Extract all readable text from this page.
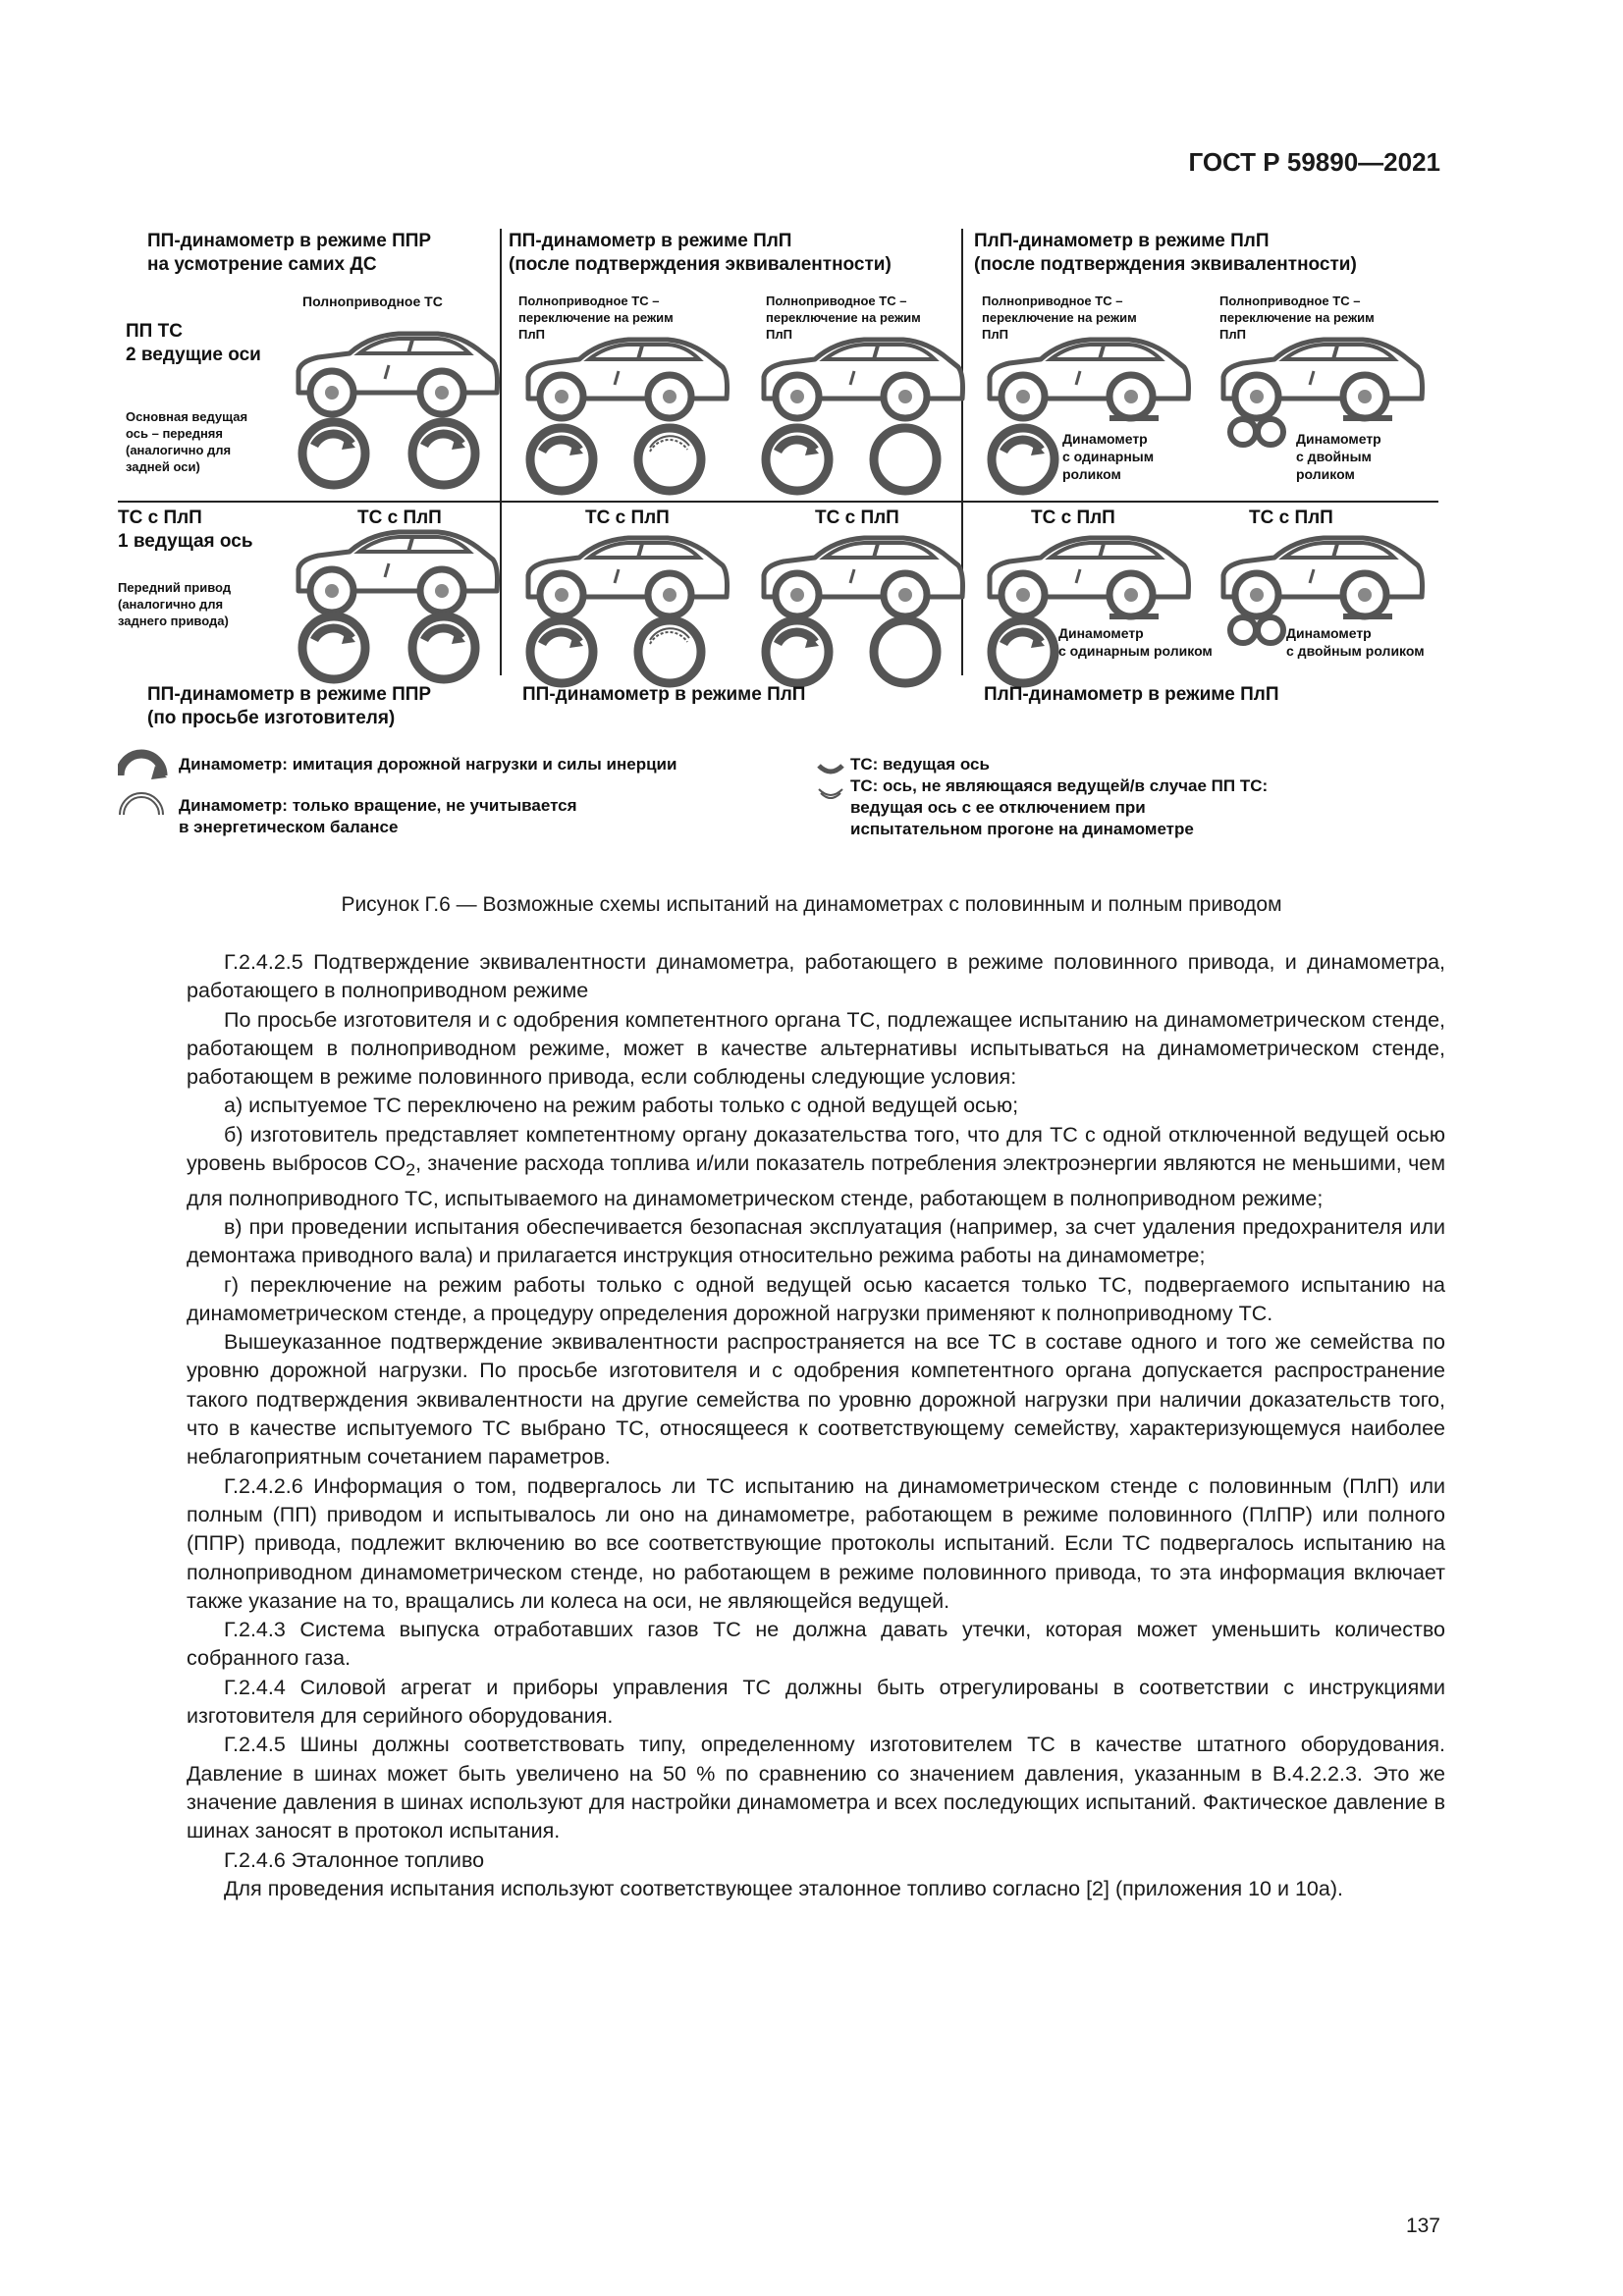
ГОСТ Р 59890—2021
ПП-динамометр в режиме ППР
на усмотрение самих ДС
ПП-динамометр в режиме ПлП
(после подтверждения эквивалентности)
ПлП-динамометр в режиме ПлП
(после подтверждения эквивалентности)
Полноприводное ТС
ПП ТС
2 ведущие оси
Основная ведущая
ось – передняя
(аналогично для
задней оси)
Полноприводное ТС –
переключение на режим
ПлП
Полноприводное ТС –
переключение на режим
ПлП
Полноприводное ТС –
переключение на режим
ПлП
Полноприводное ТС –
переключение на режим
ПлП
Динамометр
с одинарным
роликом
Динамометр
с двойным
роликом
ТС с ПлП
1 ведущая ось
ТС с ПлП	ТС с ПлП	ТС с ПлП	ТС с ПлП	ТС с ПлП
Передний привод
(аналогично для
заднего привода)
Динамометр
с одинарным роликом
Динамометр
с двойным роликом
ПП-динамометр в режиме ППР
(по просьбе изготовителя)
ПП-динамометр в режиме ПлП	ПлП-динамометр в режиме ПлП
Динамометр: имитация дорожной нагрузки и силы инерции
Динамометр: только вращение, не учитывается
в энергетическом балансе
ТС: ведущая ось
ТС: ось, не являющаяся ведущей/в случае ПП ТС:
ведущая ось с ее отключением при
испытательном прогоне на динамометре
Рисунок Г.6 — Возможные схемы испытаний на динамометрах с половинным и полным приводом

Г.2.4.2.5 Подтверждение эквивалентности динамометра, работающего в режиме половинного привода, и динамометра, работающего в полноприводном режиме

По просьбе изготовителя и с одобрения компетентного органа ТС, подлежащее испытанию на динамометрическом стенде, работающем в полноприводном режиме, может в качестве альтернативы испытываться на динамометрическом стенде, работающем в режиме половинного привода, если соблюдены следующие условия:

а) испытуемое ТС переключено на режим работы только с одной ведущей осью;

б) изготовитель представляет компетентному органу доказательства того, что для ТС с одной отключенной ведущей осью уровень выбросов $CO_2$, значение расхода топлива и/или показатель потребления электроэнергии являются не меньшими, чем для полноприводного ТС, испытываемого на динамометрическом стенде, работающем в полноприводном режиме;

в) при проведении испытания обеспечивается безопасная эксплуатация (например, за счет удаления предохранителя или демонтажа приводного вала) и прилагается инструкция относительно режима работы на динамометре;

г) переключение на режим работы только с одной ведущей осью касается только ТС, подвергаемого испытанию на динамометрическом стенде, а процедуру определения дорожной нагрузки применяют к полноприводному ТС.

Вышеуказанное подтверждение эквивалентности распространяется на все ТС в составе одного и того же семейства по уровню дорожной нагрузки. По просьбе изготовителя и с одобрения компетентного органа допускается распространение такого подтверждения эквивалентности на другие семейства по уровню дорожной нагрузки при наличии доказательств того, что в качестве испытуемого ТС выбрано ТС, относящееся к соответствующему семейству, характеризующемуся наиболее неблагоприятным сочетанием параметров.

Г.2.4.2.6 Информация о том, подвергалось ли ТС испытанию на динамометрическом стенде с половинным (ПлП) или полным (ПП) приводом и испытывалось ли оно на динамометре, работающем в режиме половинного (ПлПР) или полного (ППР) привода, подлежит включению во все соответствующие протоколы испытаний. Если ТС подвергалось испытанию на полноприводном динамометрическом стенде, но работающем в режиме половинного привода, то эта информация включает также указание на то, вращались ли колеса на оси, не являющейся ведущей.

Г.2.4.3 Система выпуска отработавших газов ТС не должна давать утечки, которая может уменьшить количество собранного газа.

Г.2.4.4 Силовой агрегат и приборы управления ТС должны быть отрегулированы в соответствии с инструкциями изготовителя для серийного оборудования.

Г.2.4.5 Шины должны соответствовать типу, определенному изготовителем ТС в качестве штатного оборудования. Давление в шинах может быть увеличено на 50 % по сравнению со значением давления, указанным в В.4.2.2.3. Это же значение давления в шинах используют для настройки динамометра и всех последующих испытаний. Фактическое давление в шинах заносят в протокол испытания.

Г.2.4.6 Эталонное топливо

Для проведения испытания используют соответствующее эталонное топливо согласно [2] (приложения 10 и 10а).

137
